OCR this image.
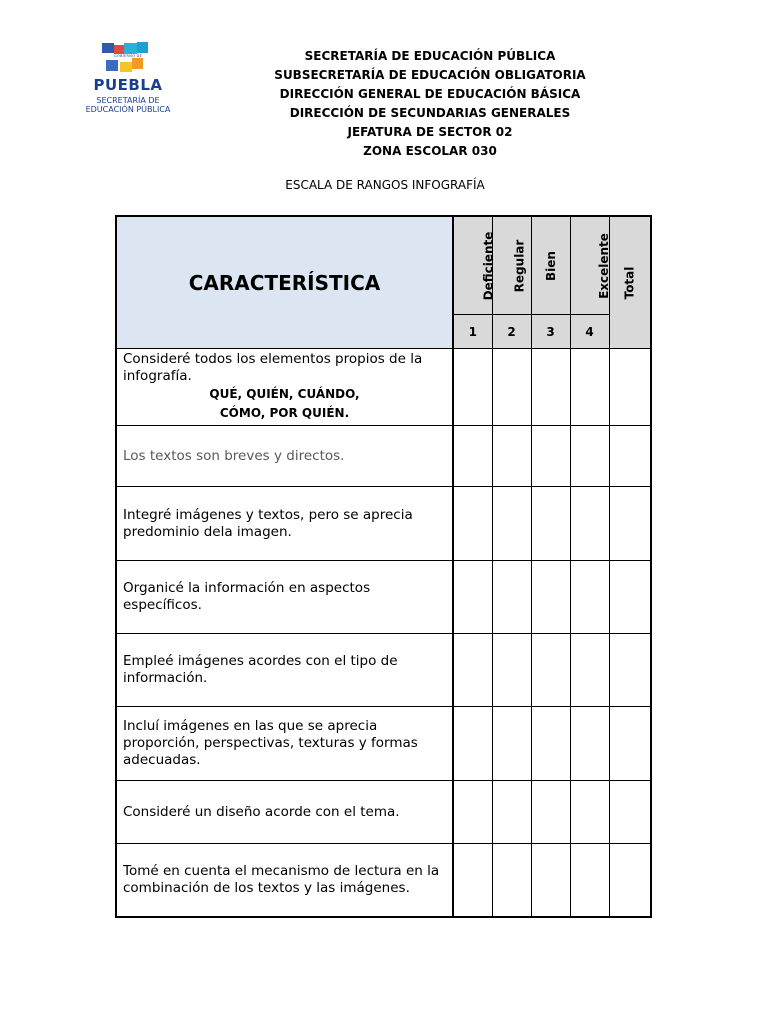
GOBIERNO DE
PUEBLA
SECRETARÍA DE
EDUCACIÓN PÚBLICA
SECRETARÍA DE EDUCACIÓN PÚBLICA
SUBSECRETARÍA DE EDUCACIÓN OBLIGATORIA
DIRECCIÓN GENERAL DE EDUCACIÓN BÁSICA
DIRECCIÓN DE SECUNDARIAS GENERALES
JEFATURA DE SECTOR 02
ZONA ESCOLAR 030
ESCALA DE RANGOS INFOGRAFÍA
CARACTERÍSTICA	Deficiente	Regular	Bien	Excelente	Total
	1	2	3	4	
Consideré todos los elementos propios de la infografía.
QUÉ, QUIÉN, CUÁNDO,
CÓMO, POR QUIÉN.					

Los textos son breves y directos.					
Integré imágenes y textos, pero se aprecia predominio dela imagen.					
Organicé la información en aspectos específicos.					
Empleé imágenes acordes con el tipo de información.					
Incluí imágenes en las que se aprecia proporción, perspectivas, texturas y formas adecuadas.					
Consideré un diseño acorde con el tema.					
Tomé en cuenta el mecanismo de lectura en la combinación de los textos y las imágenes.					
